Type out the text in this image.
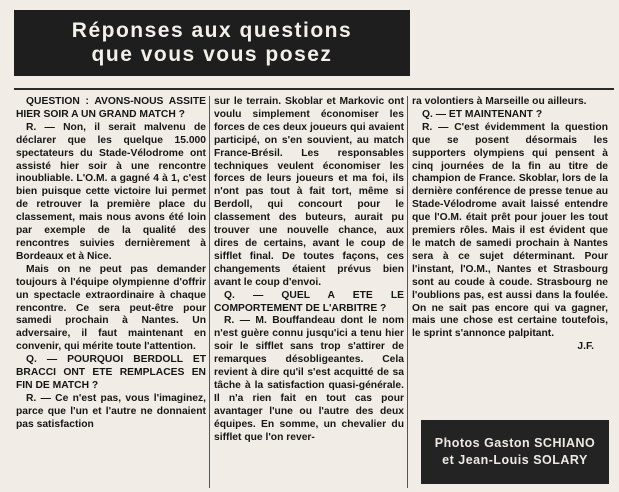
Réponses aux questions
que vous vous posez

QUESTION : AVONS-NOUS ASSITE HIER SOIR A UN GRAND MATCH ?

R. — Non, il serait malvenu de déclarer que les quelque 15.000 spectateurs du Stade-Vélodrome ont assisté hier soir à une rencontre inoubliable. L'O.M. a gagné 4 à 1, c'est bien puisque cette victoire lui permet de retrouver la première place du classement, mais nous avons été loin par exemple de la qualité des rencontres suivies dernièrement à Bordeaux et à Nice.

Mais on ne peut pas demander toujours à l'équipe olympienne d'offrir un spectacle extraordinaire à chaque rencontre. Ce sera peut-être pour samedi prochain à Nantes. Un adversaire, il faut maintenant en convenir, qui mérite toute l'attention.

Q. — POURQUOI BERDOLL ET BRACCI ONT ETE REMPLACES EN FIN DE MATCH ?

R. — Ce n'est pas, vous l'imaginez, parce que l'un et l'autre ne donnaient pas satisfaction

sur le terrain. Skoblar et Markovic ont voulu simplement économiser les forces de ces deux joueurs qui avaient participé, on s'en souvient, au match France-Brésil. Les responsables techniques veulent économiser les forces de leurs joueurs et ma foi, ils n'ont pas tout à fait tort, même si Berdoll, qui concourt pour le classement des buteurs, aurait pu trouver une nouvelle chance, aux dires de certains, avant le coup de sifflet final. De toutes façons, ces changements étaient prévus bien avant le coup d'envoi.

Q. — QUEL A ETE LE COMPORTEMENT DE L'ARBITRE ?

R. — M. Bouffandeau dont le nom n'est guère connu jusqu'ici a tenu hier soir le sifflet sans trop s'attirer de remarques désobligeantes. Cela revient à dire qu'il s'est acquitté de sa tâche à la satisfaction quasi-générale. Il n'a rien fait en tout cas pour avantager l'une ou l'autre des deux équipes. En somme, un chevalier du sifflet que l'on rever-

ra volontiers à Marseille ou ailleurs.

Q. — ET MAINTENANT ?

R. — C'est évidemment la question que se posent désormais les supporters olympiens qui pensent à cinq journées de la fin au titre de champion de France. Skoblar, lors de la dernière conférence de presse tenue au Stade-Vélodrome avait laissé entendre que l'O.M. était prêt pour jouer les tout premiers rôles. Mais il est évident que le match de samedi prochain à Nantes sera à ce sujet déterminant. Pour l'instant, l'O.M., Nantes et Strasbourg sont au coude à coude. Strasbourg ne l'oublions pas, est aussi dans la foulée. On ne sait pas encore qui va gagner, mais une chose est certaine toutefois, le sprint s'annonce palpitant.

J.F.

Photos Gaston SCHIANO
et Jean-Louis SOLARY
